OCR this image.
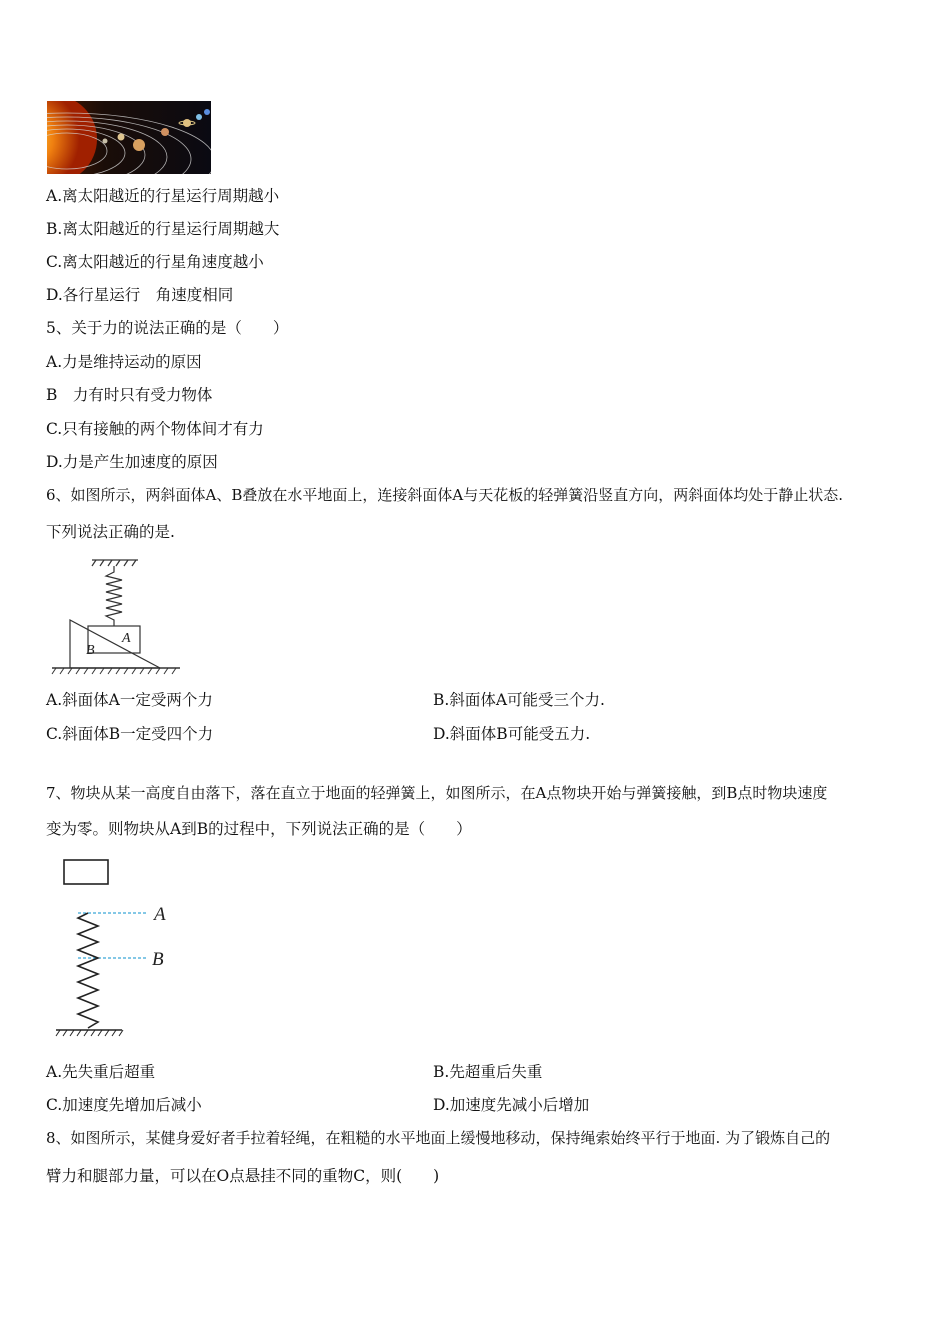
A.离太阳越近的行星运行周期越小
B.离太阳越近的行星运行周期越大
C.离太阳越近的行星角速度越小
D.各行星运行　角速度相同
5、关于力的说法正确的是（　　）
A.力是维持运动的原因
B　力有时只有受力物体
C.只有接触的两个物体间才有力
D.力是产生加速度的原因
6、如图所示，两斜面体A、B叠放在水平地面上，连接斜面体A与天花板的轻弹簧沿竖直方向，两斜面体均处于静止状态.
下列说法正确的是.
A
B
A.斜面体A一定受两个力	B.斜面体A可能受三个力.
C.斜面体B一定受四个力	D.斜面体B可能受五力.
7、物块从某一高度自由落下，落在直立于地面的轻弹簧上，如图所示，在A点物块开始与弹簧接触，到B点时物块速度
变为零。则物块从A到B的过程中，下列说法正确的是（　　）
A
B
A.先失重后超重	B.先超重后失重
C.加速度先增加后减小	D.加速度先减小后增加
8、如图所示，某健身爱好者手拉着轻绳，在粗糙的水平地面上缓慢地移动，保持绳索始终平行于地面. 为了锻炼自己的
臂力和腿部力量，可以在O点悬挂不同的重物C，则(　　)
